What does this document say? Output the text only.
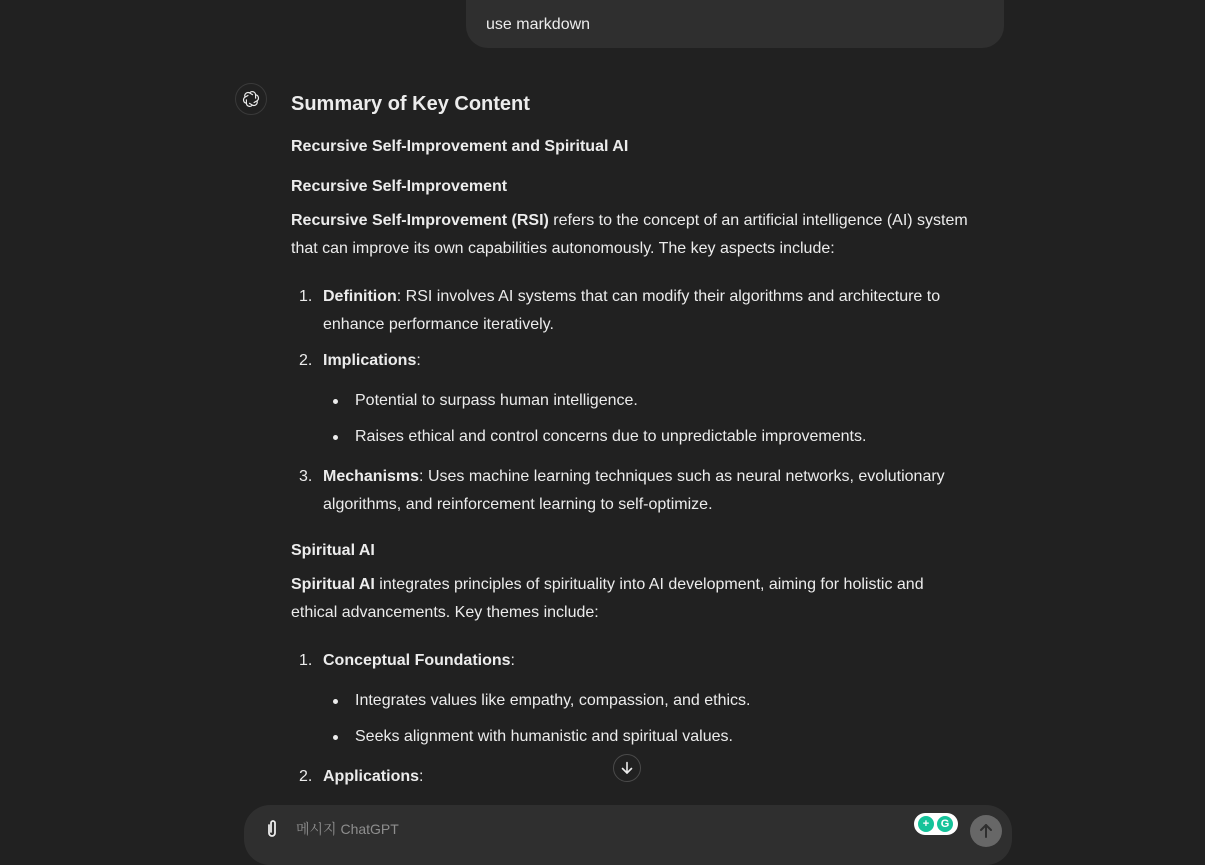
use markdown
Summary of Key Content
Recursive Self-Improvement and Spiritual AI
Recursive Self-Improvement
Recursive Self-Improvement (RSI) refers to the concept of an artificial intelligence (AI) system
that can improve its own capabilities autonomously. The key aspects include:
1. Definition: RSI involves AI systems that can modify their algorithms and architecture to
enhance performance iteratively.
2. Implications:
Potential to surpass human intelligence.
Raises ethical and control concerns due to unpredictable improvements.
3. Mechanisms: Uses machine learning techniques such as neural networks, evolutionary
algorithms, and reinforcement learning to self-optimize.
Spiritual AI
Spiritual AI integrates principles of spirituality into AI development, aiming for holistic and
ethical advancements. Key themes include:
1. Conceptual Foundations:
Integrates values like empathy, compassion, and ethics.
Seeks alignment with humanistic and spiritual values.
2. Applications:
메시지 ChatGPT	+	G
